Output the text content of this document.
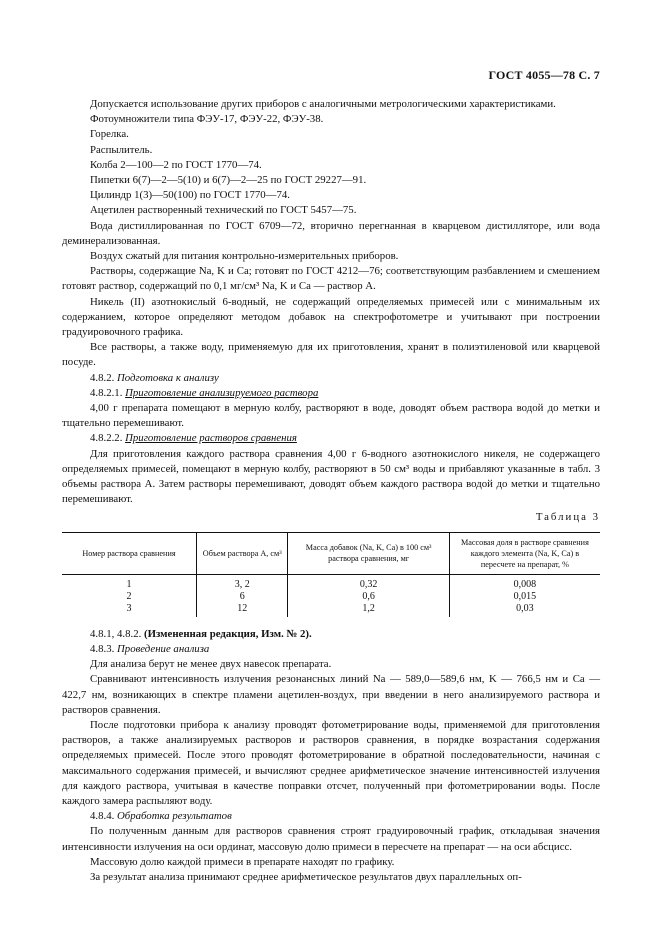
ГОСТ 4055—78 С. 7

Допускается использование других приборов с аналогичными метрологическими характеристиками.

Фотоумножители типа ФЭУ-17, ФЭУ-22, ФЭУ-38.

Горелка.

Распылитель.

Колба 2—100—2 по ГОСТ 1770—74.

Пипетки 6(7)—2—5(10) и 6(7)—2—25 по ГОСТ 29227—91.

Цилиндр 1(3)—50(100) по ГОСТ 1770—74.

Ацетилен растворенный технический по ГОСТ 5457—75.

Вода дистиллированная по ГОСТ 6709—72, вторично перегнанная в кварцевом дистилляторе, или вода деминерализованная.

Воздух сжатый для питания контрольно-измерительных приборов.

Растворы, содержащие Na, K и Ca; готовят по ГОСТ 4212—76; соответствующим разбавлением и смешением готовят раствор, содержащий по 0,1 мг/см³ Na, K и Ca — раствор А.

Никель (II) азотнокислый 6-водный, не содержащий определяемых примесей или с минимальным их содержанием, которое определяют методом добавок на спектрофотометре и учитывают при построении градуировочного графика.

Все растворы, а также воду, применяемую для их приготовления, хранят в полиэтиленовой или кварцевой посуде.

4.8.2. Подготовка к анализу

4.8.2.1. Приготовление анализируемого раствора

4,00 г препарата помещают в мерную колбу, растворяют в воде, доводят объем раствора водой до метки и тщательно перемешивают.

4.8.2.2. Приготовление растворов сравнения

Для приготовления каждого раствора сравнения 4,00 г 6-водного азотнокислого никеля, не содержащего определяемых примесей, помещают в мерную колбу, растворяют в 50 см³ воды и прибавляют указанные в табл. 3 объемы раствора А. Затем растворы перемешивают, доводят объем каждого раствора водой до метки и тщательно перемешивают.

Таблица 3
Номер раствора сравнения	Объем раствора А, см³	Масса добавок (Na, K, Ca) в 100 см³ раствора сравнения, мг	Массовая доля в растворе сравнения каждого элемента (Na, K, Ca) в пересчете на препарат, %
1	3, 2	0,32	0,008
2	6	0,6	0,015
3	12	1,2	0,03

4.8.1, 4.8.2. (Измененная редакция, Изм. № 2).

4.8.3. Проведение анализа

Для анализа берут не менее двух навесок препарата.

Сравнивают интенсивность излучения резонансных линий Na — 589,0—589,6 нм, K — 766,5 нм и Ca — 422,7 нм, возникающих в спектре пламени ацетилен-воздух, при введении в него анализируемого раствора и растворов сравнения.

После подготовки прибора к анализу проводят фотометрирование воды, применяемой для приготовления растворов, а также анализируемых растворов и растворов сравнения, в порядке возрастания содержания определяемых примесей. После этого проводят фотометрирование в обратной последовательности, начиная с максимального содержания примесей, и вычисляют среднее арифметическое значение интенсивностей излучения для каждого раствора, учитывая в качестве поправки отсчет, полученный при фотометрировании воды. После каждого замера распыляют воду.

4.8.4. Обработка результатов

По полученным данным для растворов сравнения строят градуировочный график, откладывая значения интенсивности излучения на оси ординат, массовую долю примеси в пересчете на препарат — на оси абсцисс.

Массовую долю каждой примеси в препарате находят по графику.

За результат анализа принимают среднее арифметическое результатов двух параллельных оп-
